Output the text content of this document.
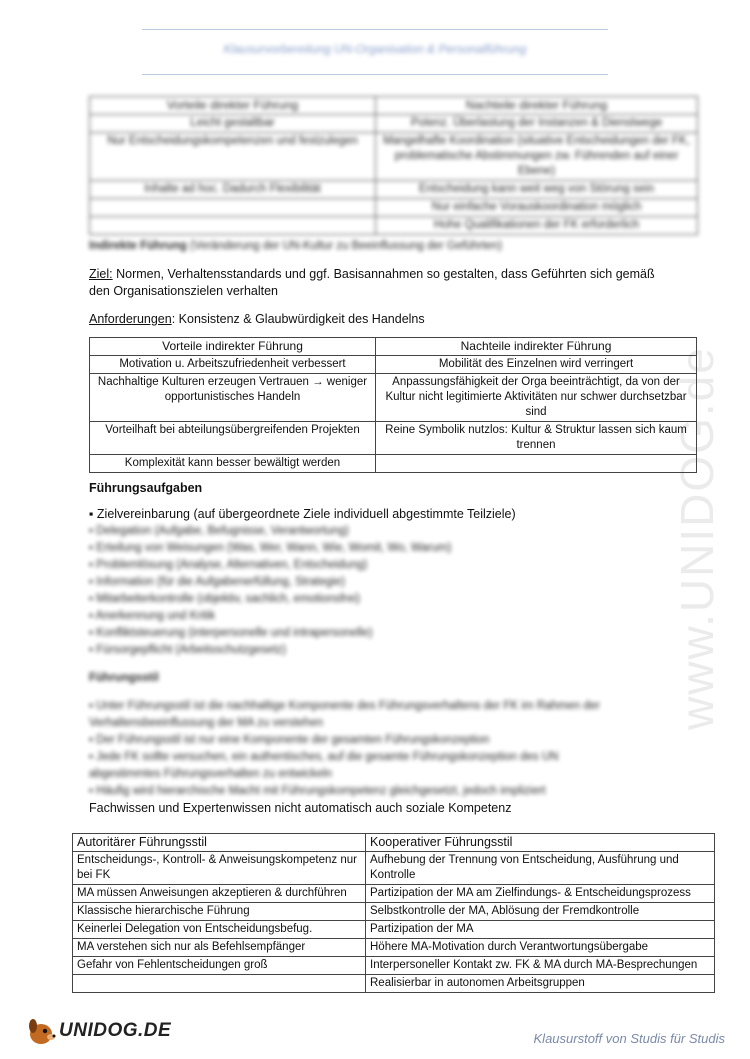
Klausurvorbereitung UN-Organisation & Personalführung
www.UNIDOG.de
Vorteile direkter Führung	Nachteile direkter Führung
Leicht gestaltbar	Potenz. Überlastung der Instanzen & Dienstwege
Nur Entscheidungskompetenzen und festzulegen	Mangelhafte Koordination (situative Entscheidungen der FK, problematische Abstimmungen zw. Führenden auf einer Ebene)
Inhalte ad hoc. Dadurch Flexibilität	Entscheidung kann weit weg von Störung sein
	Nur einfache Vorauskoordination möglich
	Hohe Qualifikationen der FK erforderlich
Indirekte Führung (Veränderung der UN-Kultur zu Beeinflussung der Geführten)
Ziel: Normen, Verhaltensstandards und ggf. Basisannahmen so gestalten, dass Geführten sich gemäß
den Organisationszielen verhalten
Anforderungen: Konsistenz & Glaubwürdigkeit des Handelns
Vorteile indirekter Führung	Nachteile indirekter Führung
Motivation u. Arbeitszufriedenheit verbessert	Mobilität des Einzelnen wird verringert
Nachhaltige Kulturen erzeugen Vertrauen → weniger opportunistisches Handeln	Anpassungsfähigkeit der Orga beeinträchtigt, da von der Kultur nicht legitimierte Aktivitäten nur schwer durchsetzbar sind
Vorteilhaft bei abteilungsübergreifenden Projekten	Reine Symbolik nutzlos: Kultur & Struktur lassen sich kaum trennen
Komplexität kann besser bewältigt werden	
Führungsaufgaben
▪ Zielvereinbarung (auf übergeordnete Ziele individuell abgestimmte Teilziele)
▪ Delegation (Aufgabe, Befugnisse, Verantwortung)
▪ Erteilung von Weisungen (Was, Wer, Wann, Wie, Womit, Wo, Warum)
▪ Problemlösung (Analyse, Alternativen, Entscheidung)
▪ Information (für die Aufgabenerfüllung, Strategie)
▪ Mitarbeiterkontrolle (objektiv, sachlich, emotionsfrei)
▪ Anerkennung und Kritik
▪ Konfliktsteuerung (interpersonelle und intrapersonelle)
▪ Fürsorgepflicht (Arbeitsschutzgesetz)
Führungsstil
▪ Unter Führungsstil ist die nachhaltige Komponente des Führungsverhaltens der FK im Rahmen der
Verhaltensbeeinflussung der MA zu verstehen
▪ Der Führungsstil ist nur eine Komponente der gesamten Führungskonzeption
▪ Jede FK sollte versuchen, ein authentisches, auf die gesamte Führungskonzeption des UN
abgestimmtes Führungsverhalten zu entwickeln
▪ Häufig wird hierarchische Macht mit Führungskompetenz gleichgesetzt, jedoch impliziert
Fachwissen und Expertenwissen nicht automatisch auch soziale Kompetenz
Autoritärer Führungsstil	Kooperativer Führungsstil
Entscheidungs-, Kontroll- & Anweisungskompetenz nur bei FK	Aufhebung der Trennung von Entscheidung, Ausführung und Kontrolle
MA müssen Anweisungen akzeptieren & durchführen	Partizipation der MA am Zielfindungs- & Entscheidungsprozess
Klassische hierarchische Führung	Selbstkontrolle der MA, Ablösung der Fremdkontrolle
Keinerlei Delegation von Entscheidungsbefug.	Partizipation der MA
MA verstehen sich nur als Befehlsempfänger	Höhere MA-Motivation durch Verantwortungsübergabe
Gefahr von Fehlentscheidungen groß	Interpersoneller Kontakt zw. FK & MA durch MA-Besprechungen
	Realisierbar in autonomen Arbeitsgruppen
UNIDOG.DE	Klausurstoff von Studis für Studis
